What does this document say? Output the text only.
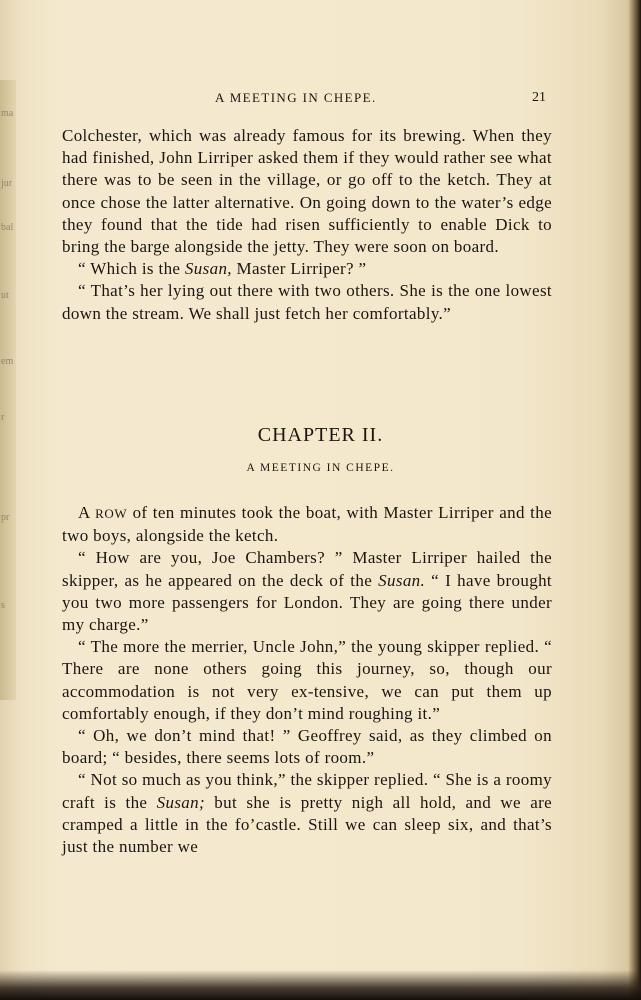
ma
jur
bal
ut
em
r
pr
s
A MEETING IN CHEPE.	21

Colchester, which was already famous for its brewing. When they had finished, John Lirriper asked them if they would rather see what there was to be seen in the village, or go off to the ketch. They at once chose the latter alternative. On going down to the water’s edge they found that the tide had risen sufficiently to enable Dick to bring the barge alongside the jetty. They were soon on board.

“ Which is the Susan, Master Lirriper? ”

“ That’s her lying out there with two others. She is the one lowest down the stream. We shall just fetch her comfortably.”

CHAPTER II.
A MEETING IN CHEPE.

A ROW of ten minutes took the boat, with Master Lirriper and the two boys, alongside the ketch.

“ How are you, Joe Chambers? ” Master Lirriper hailed the skipper, as he appeared on the deck of the Susan. “ I have brought you two more passengers for London. They are going there under my charge.”

“ The more the merrier, Uncle John,” the young skipper replied. “ There are none others going this journey, so, though our accommodation is not very ex-tensive, we can put them up comfortably enough, if they don’t mind roughing it.”

“ Oh, we don’t mind that! ” Geoffrey said, as they climbed on board; “ besides, there seems lots of room.”

“ Not so much as you think,” the skipper replied. “ She is a roomy craft is the Susan; but she is pretty nigh all hold, and we are cramped a little in the fo’castle. Still we can sleep six, and that’s just the number we
